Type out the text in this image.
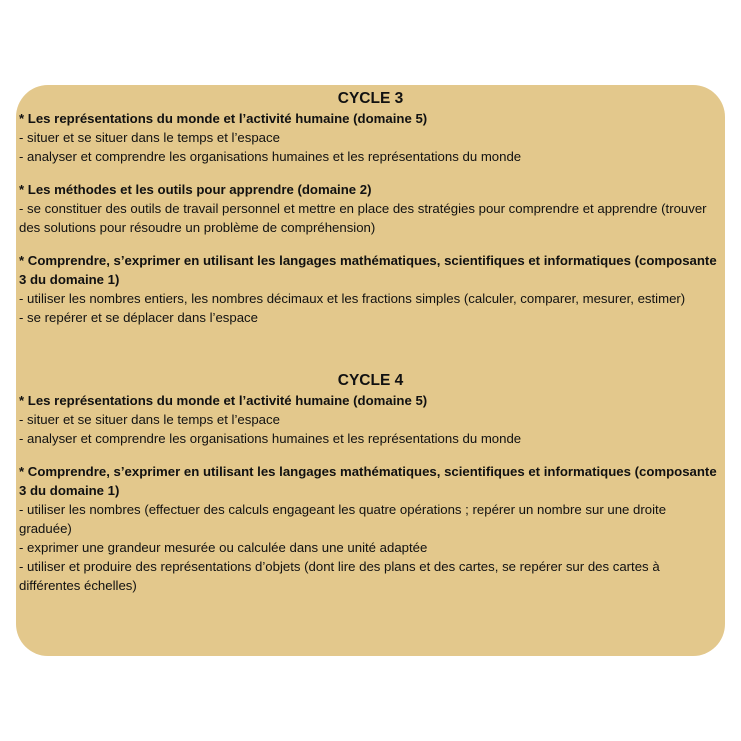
CYCLE 3
* Les représentations du monde et l’activité humaine (domaine 5)
- situer et se situer dans le temps et l’espace
- analyser et comprendre les organisations humaines et les représentations du monde
* Les méthodes et les outils pour apprendre (domaine 2)
- se constituer des outils de travail personnel et mettre en place des stratégies pour comprendre et apprendre (trouver des solutions pour résoudre un problème de compréhension)
* Comprendre, s’exprimer en utilisant les langages mathématiques, scientifiques et informatiques (composante 3 du domaine 1)
- utiliser les nombres entiers, les nombres décimaux et les fractions simples (calculer, comparer, mesurer, estimer)
- se repérer et se déplacer dans l’espace
CYCLE 4
* Les représentations du monde et l’activité humaine (domaine 5)
- situer et se situer dans le temps et l’espace
- analyser et comprendre les organisations humaines et les représentations du monde
* Comprendre, s’exprimer en utilisant les langages mathématiques, scientifiques et informatiques (composante 3 du domaine 1)
- utiliser les nombres (effectuer des calculs engageant les quatre opérations ; repérer un nombre sur une droite graduée)
- exprimer une grandeur mesurée ou calculée dans une unité adaptée
- utiliser et produire des représentations d’objets (dont lire des plans et des cartes, se repérer sur des cartes à différentes échelles)
